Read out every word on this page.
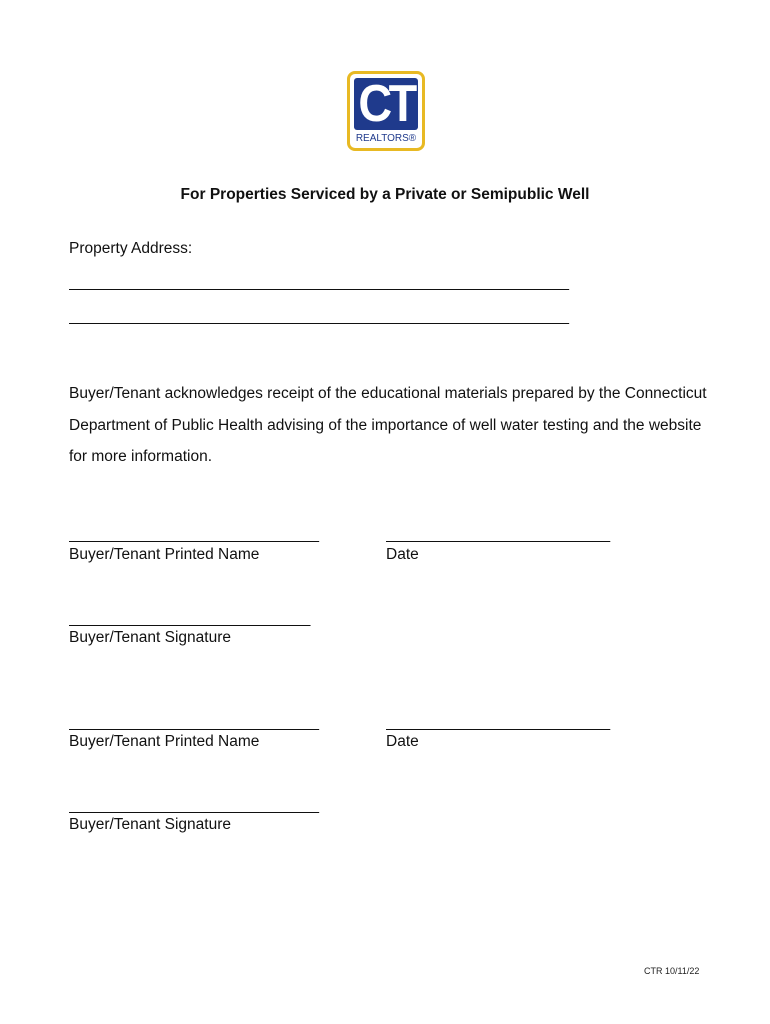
CT
REALTORS®
For Properties Serviced by a Private or Semipublic Well
Property Address:
__________________________________________________________
__________________________________________________________
Buyer/Tenant acknowledges receipt of the educational materials prepared by the Connecticut Department of Public Health advising of the importance of well water testing and the website for more information.
_____________________________
Buyer/Tenant Printed Name
__________________________
Date
____________________________
Buyer/Tenant Signature
_____________________________
Buyer/Tenant Printed Name
__________________________
Date
_____________________________
Buyer/Tenant Signature
CTR 10/11/22
